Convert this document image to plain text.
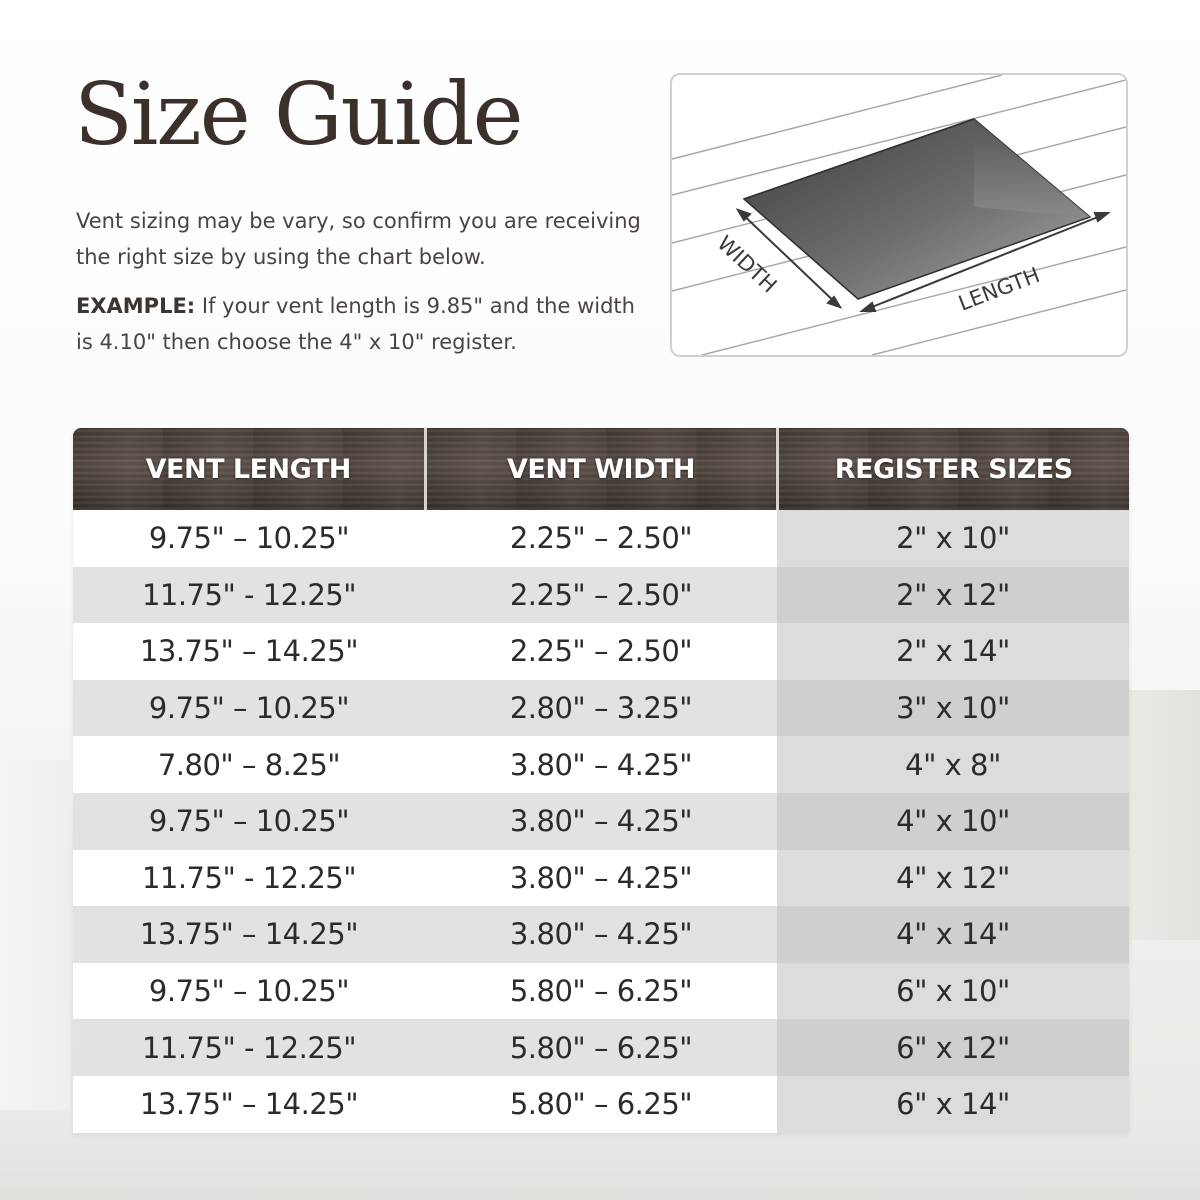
Size Guide

Vent sizing may be vary, so confirm you are receiving the right size by using the chart below.

EXAMPLE: If your vent length is 9.85" and the width is 4.10" then choose the 4" x 10" register.

WIDTH	LENGTH
VENT LENGTH	VENT WIDTH	REGISTER SIZES
9.75" – 10.25"	2.25" – 2.50"	2" x 10"
11.75" - 12.25"	2.25" – 2.50"	2" x 12"
13.75" – 14.25"	2.25" – 2.50"	2" x 14"
9.75" – 10.25"	2.80" – 3.25"	3" x 10"
7.80" – 8.25"	3.80" – 4.25"	4" x 8"
9.75" – 10.25"	3.80" – 4.25"	4" x 10"
11.75" - 12.25"	3.80" – 4.25"	4" x 12"
13.75" – 14.25"	3.80" – 4.25"	4" x 14"
9.75" – 10.25"	5.80" – 6.25"	6" x 10"
11.75" - 12.25"	5.80" – 6.25"	6" x 12"
13.75" – 14.25"	5.80" – 6.25"	6" x 14"
